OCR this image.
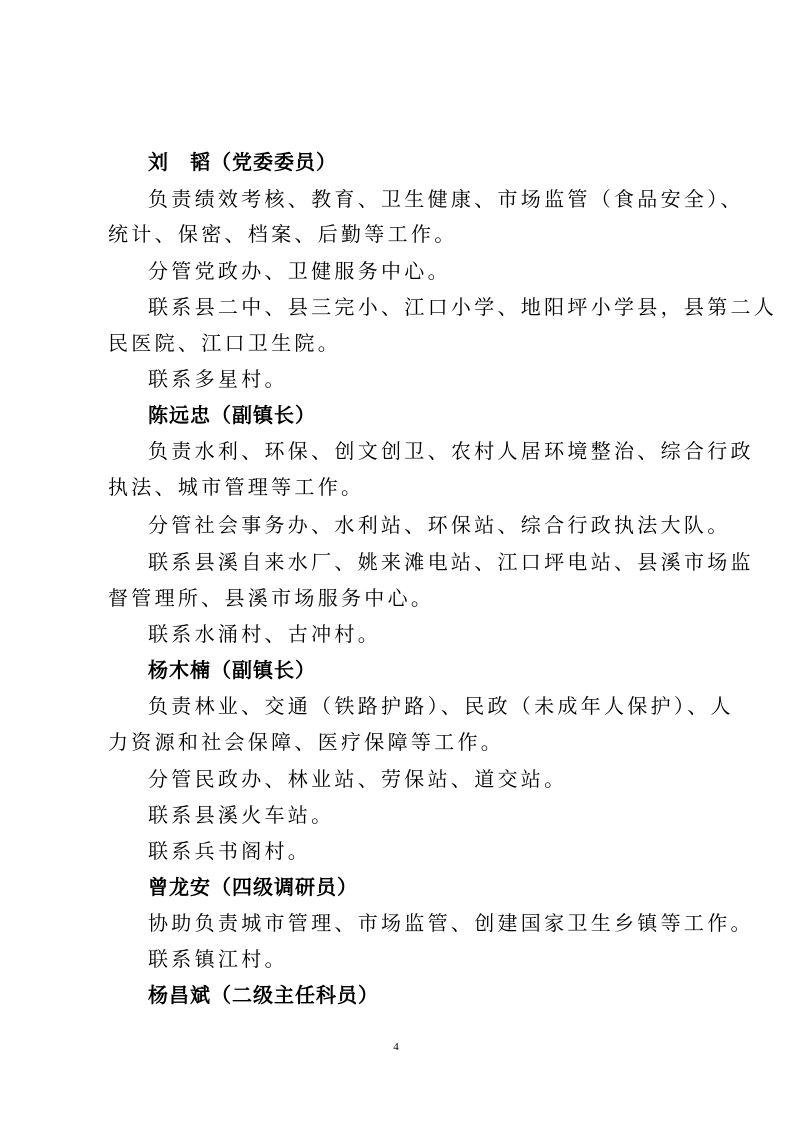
刘　韬（党委委员）
负责绩效考核、教育、卫生健康、市场监管（食品安全）、
统计、保密、档案、后勤等工作。
分管党政办、卫健服务中心。
联系县二中、县三完小、江口小学、地阳坪小学县，县第二人
民医院、江口卫生院。
联系多星村。
陈远忠（副镇长）
负责水利、环保、创文创卫、农村人居环境整治、综合行政
执法、城市管理等工作。
分管社会事务办、水利站、环保站、综合行政执法大队。
联系县溪自来水厂、姚来滩电站、江口坪电站、县溪市场监
督管理所、县溪市场服务中心。
联系水涌村、古冲村。
杨木楠（副镇长）
负责林业、交通（铁路护路）、民政（未成年人保护）、人
力资源和社会保障、医疗保障等工作。
分管民政办、林业站、劳保站、道交站。
联系县溪火车站。
联系兵书阁村。
曾龙安（四级调研员）
协助负责城市管理、市场监管、创建国家卫生乡镇等工作。
联系镇江村。
杨昌斌（二级主任科员）
4
